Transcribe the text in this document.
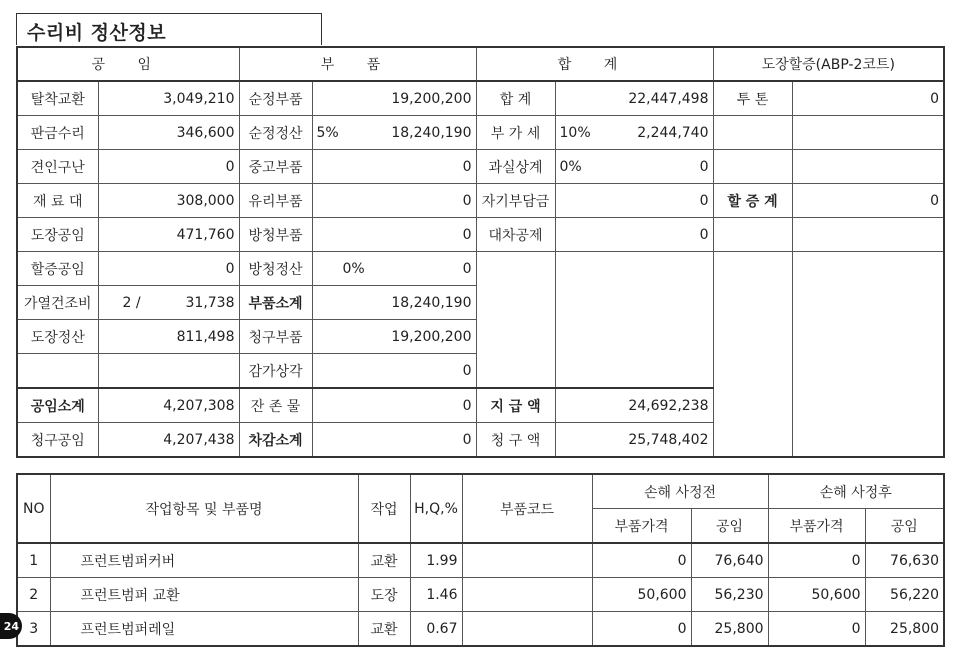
수리비 정산정보
공 임		부 품		합 계		도장할증(ABP-2코트)	
탈착교환	3,049,210	순정부품	19,200,200	합 계	22,447,498	투 톤	0
판금수리	346,600	순정정산	5% 18,240,190	부 가 세	10% 2,244,740		

견인구난	0	중고부품	0	과실상계	0% 0		

재 료 대	308,000	유리부품	0	자기부담금	0	할 증 계	0
도장공임	471,760	방청부품	0	대차공제	0		
할증공임	0	방청정산	0% 0				

가열건조비	2 / 31,738	부품소계	18,240,190				
도장정산	811,498	청구부품	19,200,200				
		감가상각	0				
공임소계	4,207,308	잔 존 물	0	지 급 액	24,692,238		
청구공임	4,207,438	차감소계	0	청 구 액	25,748,402		
NO	작업항목 및 부품명	작업	H,Q,%	부품코드	손해 사정전		손해 사정후	
					부품가격	공임	부품가격	공임
1	프런트범퍼커버	교환	1.99		0	76,640	0	76,630
2	프런트범퍼 교환	도장	1.46		50,600	56,230	50,600	56,220
3	프런트범퍼레일	교환	0.67		0	25,800	0	25,800
24
